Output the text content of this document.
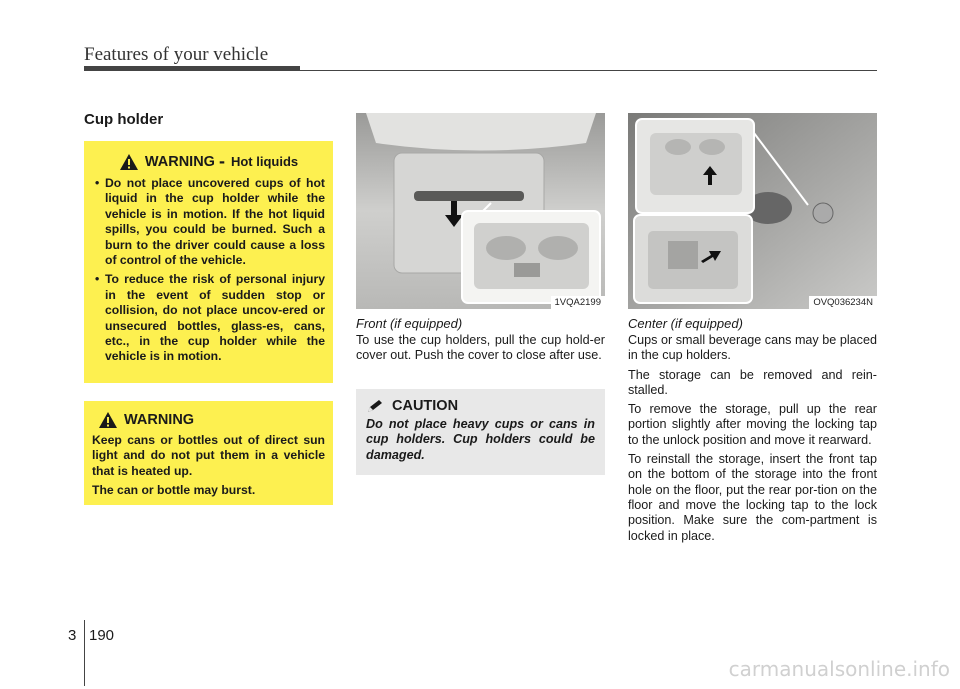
Features of your vehicle
Cup holder
WARNING - Hot liquids

• Do not place uncovered cups of hot liquid in the cup holder while the vehicle is in motion. If the hot liquid spills, you could be burned. Such a burn to the driver could cause a loss of control of the vehicle.

• To reduce the risk of personal injury in the event of sudden stop or collision, do not place uncov-ered or unsecured bottles, glass-es, cans, etc., in the cup holder while the vehicle is in motion.

WARNING

Keep cans or bottles out of direct sun light and do not put them in a vehicle that is heated up.

The can or bottle may burst.

1VQA2199	OVQ036234N
Front (if equipped)

To use the cup holders, pull the cup hold-er cover out. Push the cover to close after use.

CAUTION
Do not place heavy cups or cans in cup holders. Cup holders could be damaged.
Center (if equipped)

Cups or small beverage cans may be placed in the cup holders.

The storage can be removed and rein-stalled.

To remove the storage, pull up the rear portion slightly after moving the locking tap to the unlock position and move it rearward.

To reinstall the storage, insert the front tap on the bottom of the storage into the front hole on the floor, put the rear por-tion on the floor and move the locking tap to the lock position. Make sure the com-partment is locked in place.

3 190
carmanualsonline.info
